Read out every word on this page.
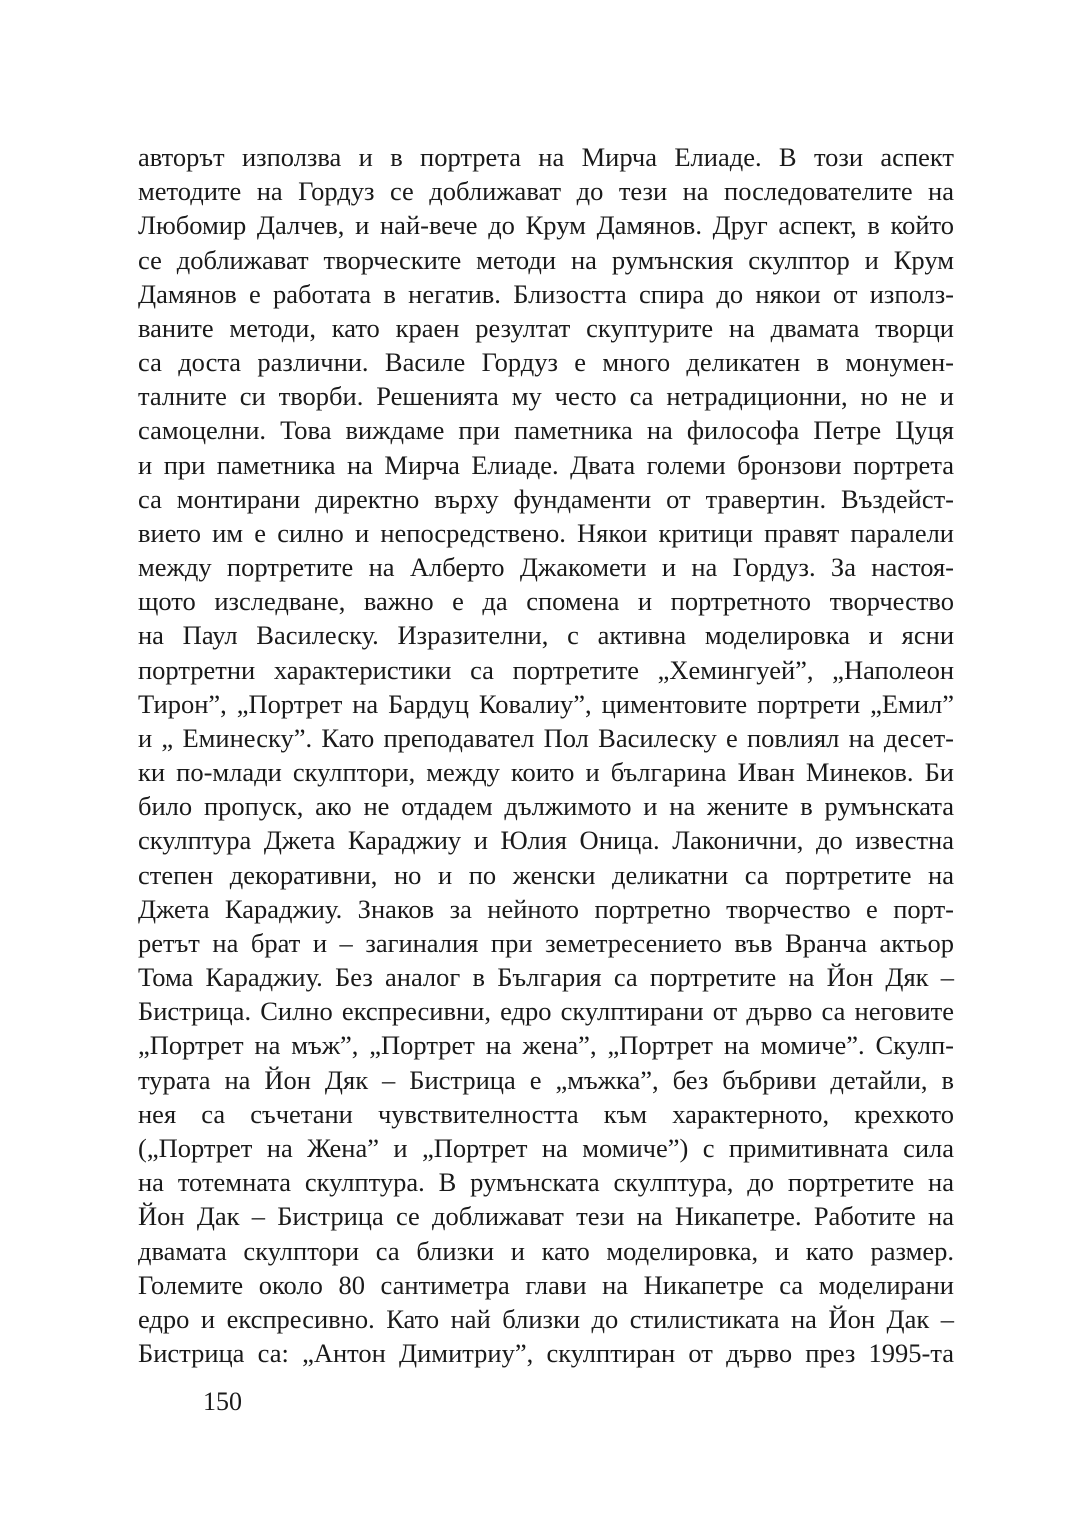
авторът използва и в портрета на Мирча Елиаде. В този аспект
методите на Гордуз се доближават до тези на последователите на
Любомир Далчев, и най-вече до Крум Дамянов. Друг аспект, в който
се доближават творческите методи на румънския скулптор и Крум
Дамянов е работата в негатив. Близостта спира до някои от използ-
ваните методи, като краен резултат скуптурите на двамата творци
са доста различни. Василе Гордуз е много деликатен в монумен-
талните си творби. Решенията му често са нетрадиционни, но не и
самоцелни. Това виждаме при паметника на философа Петре Цуця
и при паметника на Мирча Елиаде. Двата големи бронзови портрета
са монтирани директно върху фундаменти от травертин. Въздейст-
вието им е силно и непосредствено. Някои критици правят паралели
между портретите на Алберто Джакомети и на Гордуз. За настоя-
щото изследване, важно е да спомена и портретното творчество
на Паул Василеску. Изразителни, с активна моделировка и ясни
портретни характеристики са портретите „Хемингуей”, „Наполеон
Тирон”, „Портрет на Бардуц Ковалиу”, циментовите портрети „Емил”
и „ Еминеску”. Като преподавател Пол Василеску е повлиял на десет-
ки по-млади скулптори, между които и българина Иван Минеков. Би
било пропуск, ако не отдадем дължимото и на жените в румънската
скулптура Джета Караджиу и Юлия Оница. Лаконични, до известна
степен декоративни, но и по женски деликатни са портретите на
Джета Караджиу. Знаков за нейното портретно творчество е порт-
ретът на брат и – загиналия при земетресението във Вранча актьор
Тома Караджиу. Без аналог в България са портретите на Йон Дяк –
Бистрица. Силно експресивни, едро скулптирани от дърво са неговите
„Портрет на мъж”, „Портрет на жена”, „Портрет на момиче”. Скулп-
турата на Йон Дяк – Бистрица е „мъжка”, без бъбриви детайли, в
нея са съчетани чувствителността към характерното, крехкото
(„Портрет на Жена” и „Портрет на момиче”) с примитивната сила
на тотемната скулптура. В румънската скулптура, до портретите на
Йон Дак – Бистрица се доближават тези на Никапетре. Работите на
двамата скулптори са близки и като моделировка, и като размер.
Големите около 80 сантиметра глави на Никапетре са моделирани
едро и експресивно. Като най близки до стилистиката на Йон Дак –
Бистрица са: „Антон Димитриу”, скулптиран от дърво през 1995-та
150
